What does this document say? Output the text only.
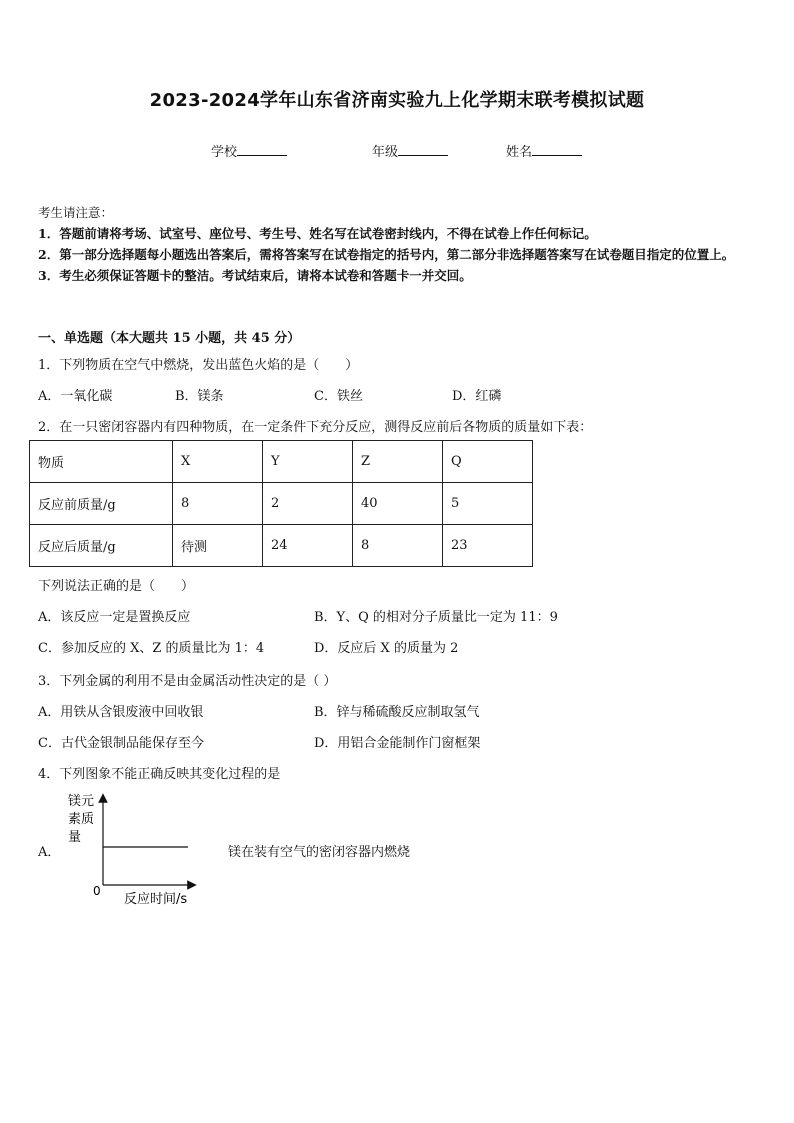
2023-2024学年山东省济南实验九上化学期末联考模拟试题
学校	年级	姓名
考生请注意：
1．答题前请将考场、试室号、座位号、考生号、姓名写在试卷密封线内，不得在试卷上作任何标记。
2．第一部分选择题每小题选出答案后，需将答案写在试卷指定的括号内，第二部分非选择题答案写在试卷题目指定的位置上。
3．考生必须保证答题卡的整洁。考试结束后，请将本试卷和答题卡一并交回。
一、单选题（本大题共 15 小题，共 45 分）
1．下列物质在空气中燃烧，发出蓝色火焰的是（　　）
A．一氧化碳	B．镁条	C．铁丝	D．红磷
2．在一只密闭容器内有四种物质，在一定条件下充分反应，测得反应前后各物质的质量如下表：
物质	X	Y	Z	Q
反应前质量/g	8	2	40	5
反应后质量/g	待测	24	8	23
下列说法正确的是（　　）
A．该反应一定是置换反应	B．Y、Q 的相对分子质量比一定为 11：9
C．参加反应的 X、Z 的质量比为 1：4	D．反应后 X 的质量为 2
3．下列金属的利用不是由金属活动性决定的是（ ）
A．用铁从含银废液中回收银	B．锌与稀硫酸反应制取氢气
C．古代金银制品能保存至今	D．用铝合金能制作门窗框架
4．下列图象不能正确反映其变化过程的是
A．	镁在装有空气的密闭容器内燃烧
镁元
素质
量
0
反应时间/s
